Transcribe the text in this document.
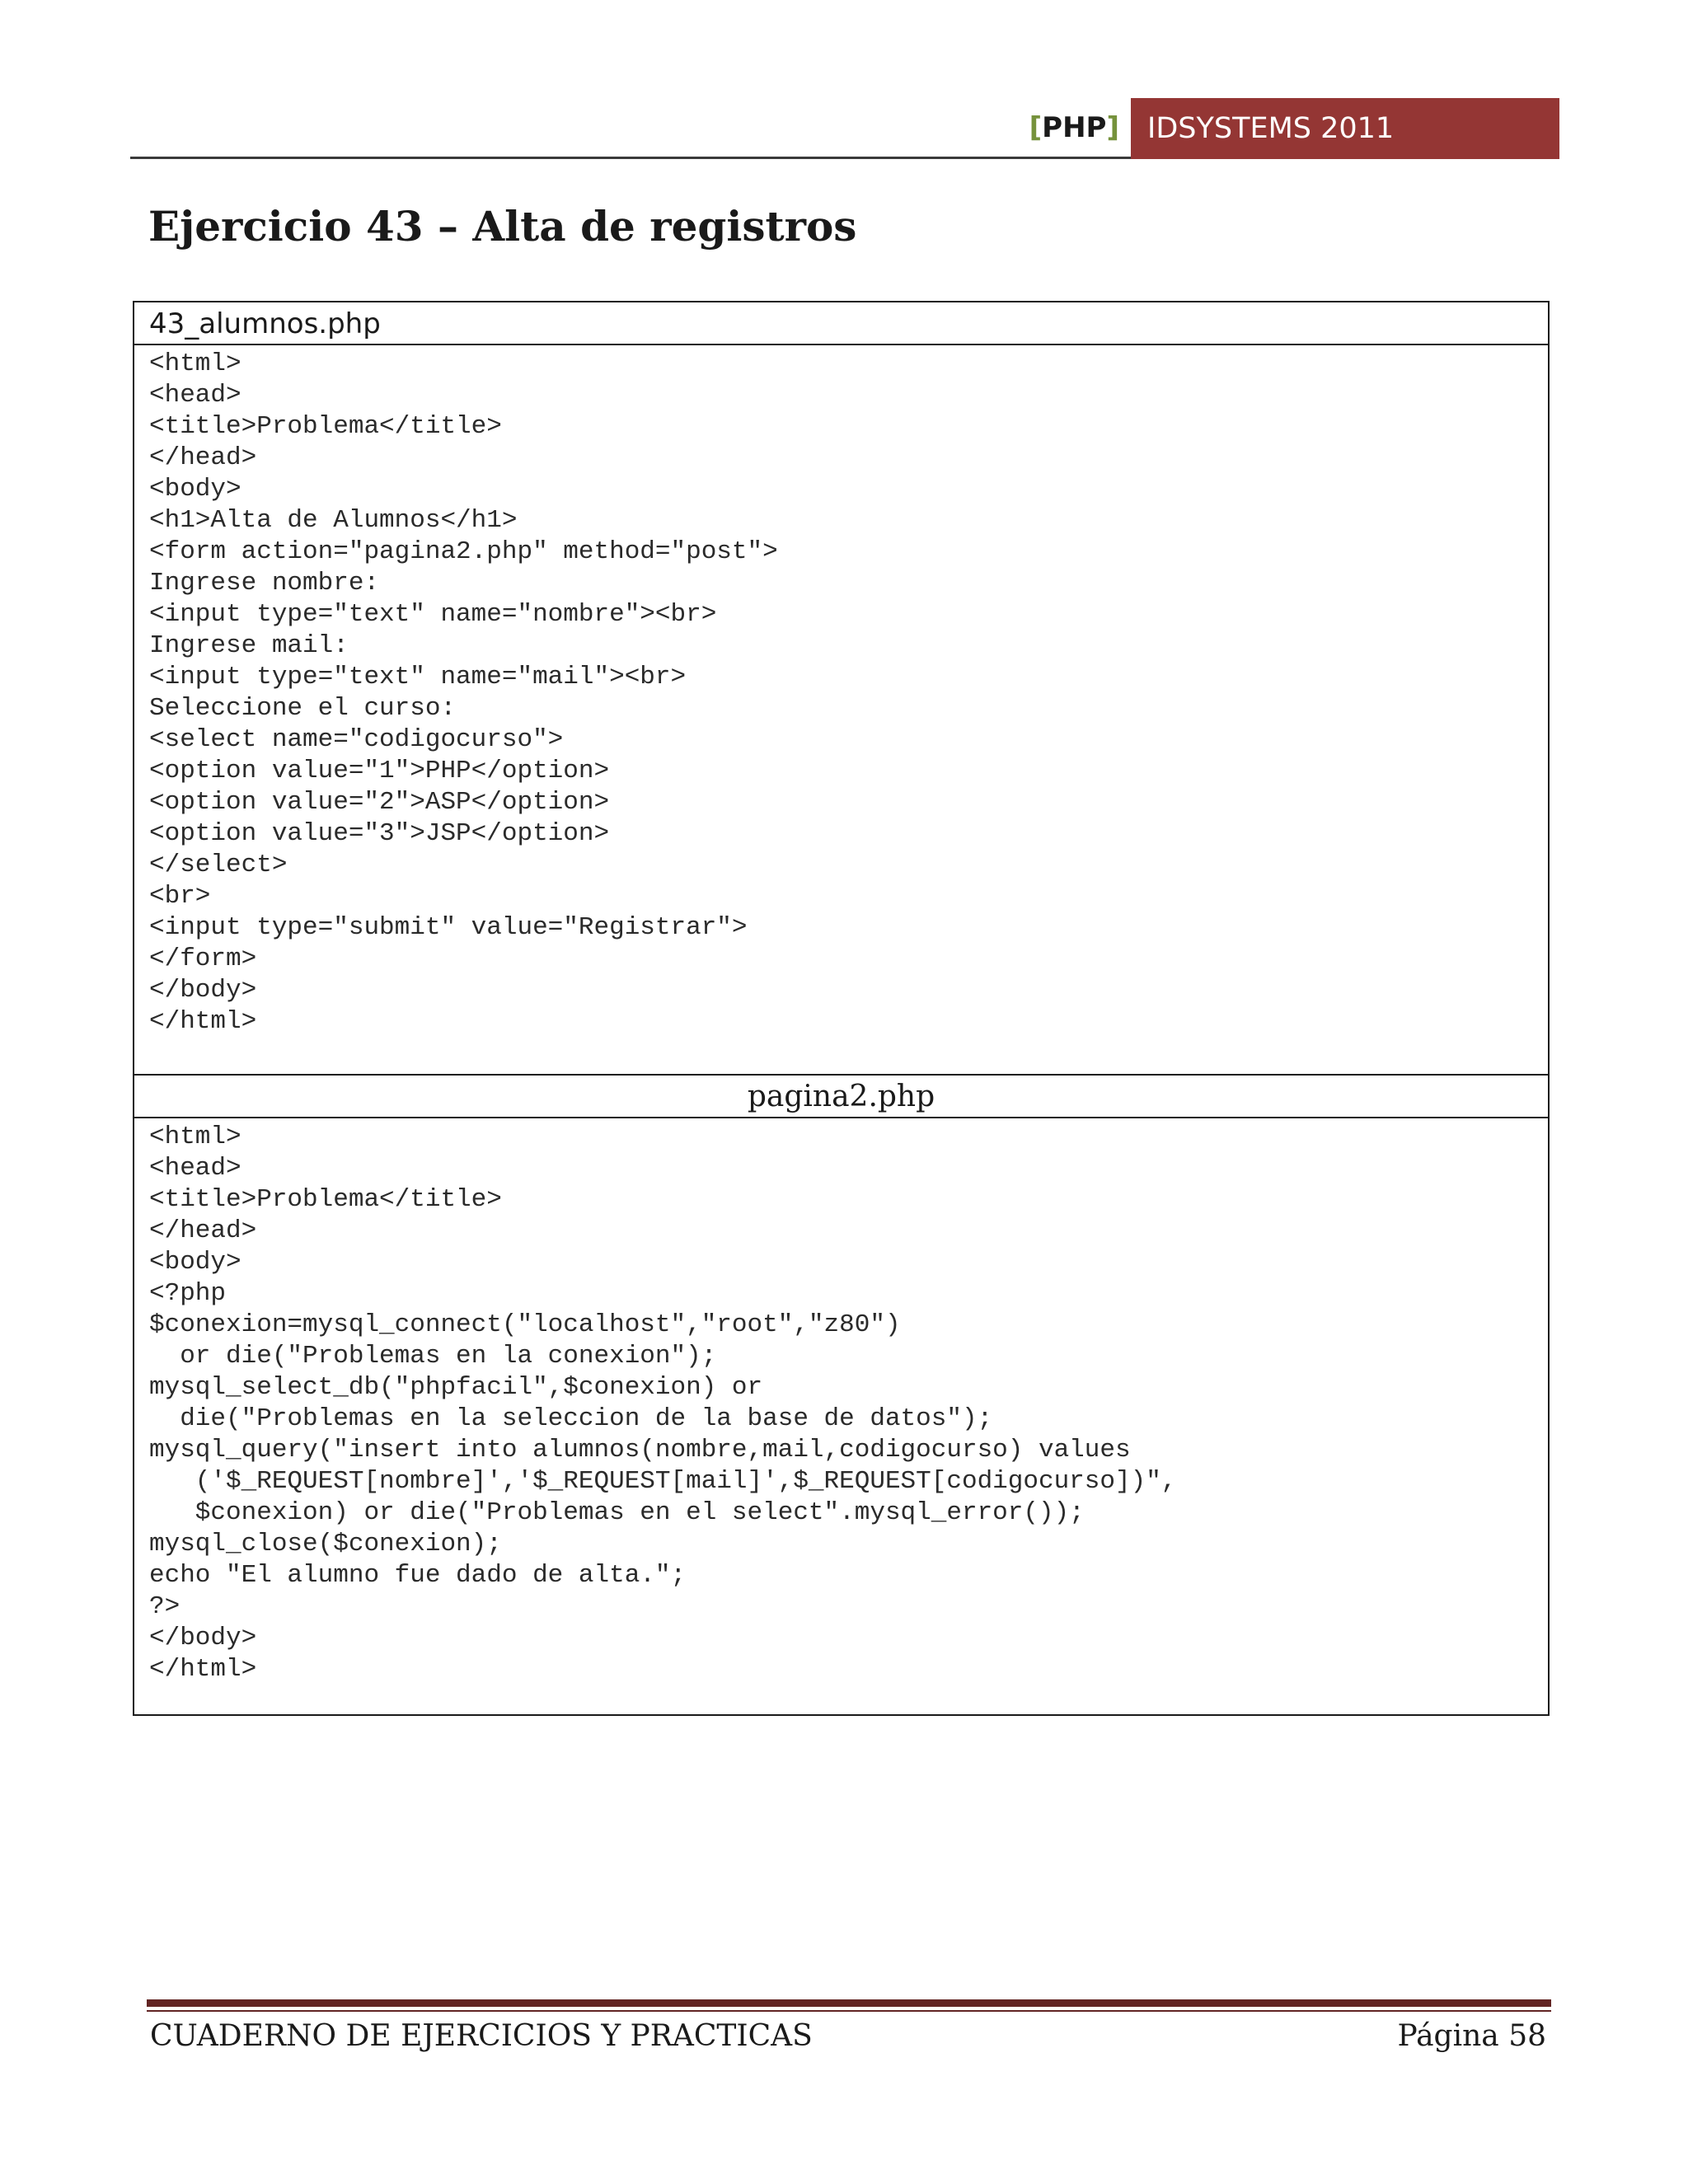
[PHP] IDSYSTEMS 2011
Ejercicio 43 – Alta de registros
43_alumnos.php
<html>
<head>
<title>Problema</title>
</head>
<body>
<h1>Alta de Alumnos</h1>
<form action="pagina2.php" method="post">
Ingrese nombre:
<input type="text" name="nombre"><br>
Ingrese mail:
<input type="text" name="mail"><br>
Seleccione el curso:
<select name="codigocurso">
<option value="1">PHP</option>
<option value="2">ASP</option>
<option value="3">JSP</option>
</select>
<br>
<input type="submit" value="Registrar">
</form>
</body>
</html>
pagina2.php
<html>
<head>
<title>Problema</title>
</head>
<body>
<?php
$conexion=mysql_connect("localhost","root","z80")
or die("Problemas en la conexion");
mysql_select_db("phpfacil",$conexion) or
die("Problemas en la seleccion de la base de datos");
mysql_query("insert into alumnos(nombre,mail,codigocurso) values
('$_REQUEST[nombre]','$_REQUEST[mail]',$_REQUEST[codigocurso])",
$conexion) or die("Problemas en el select".mysql_error());
mysql_close($conexion);
echo "El alumno fue dado de alta.";
?>
</body>
</html>
CUADERNO DE EJERCICIOS Y PRACTICAS	Página 58
